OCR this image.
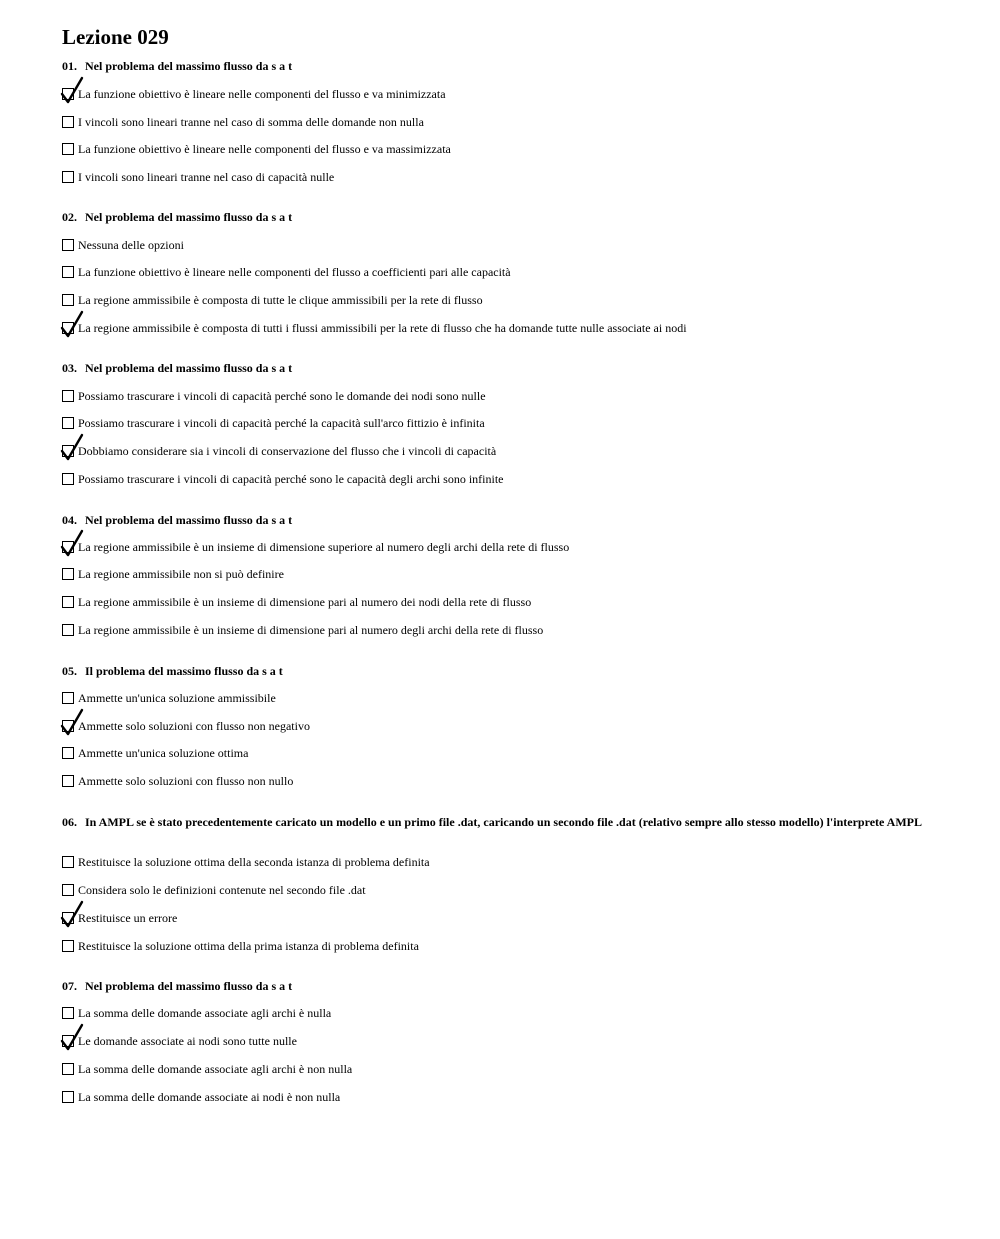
Lezione 029
01. Nel problema del massimo flusso da s a t
La funzione obiettivo è lineare nelle componenti del flusso e va minimizzata
I vincoli sono lineari tranne nel caso di somma delle domande non nulla
La funzione obiettivo è lineare nelle componenti del flusso e va massimizzata
I vincoli sono lineari tranne nel caso di capacità nulle
02. Nel problema del massimo flusso da s a t
Nessuna delle opzioni
La funzione obiettivo è lineare nelle componenti del flusso a coefficienti pari alle capacità
La regione ammissibile è composta di tutte le clique ammissibili per la rete di flusso
La regione ammissibile è composta di tutti i flussi ammissibili per la rete di flusso che ha domande tutte nulle associate ai nodi
03. Nel problema del massimo flusso da s a t
Possiamo trascurare i vincoli di capacità perché sono le domande dei nodi sono nulle
Possiamo trascurare i vincoli di capacità perché la capacità sull'arco fittizio è infinita
Dobbiamo considerare sia i vincoli di conservazione del flusso che i vincoli di capacità
Possiamo trascurare i vincoli di capacità perché sono le capacità degli archi sono infinite
04. Nel problema del massimo flusso da s a t
La regione ammissibile è un insieme di dimensione superiore al numero degli archi della rete di flusso
La regione ammissibile non si può definire
La regione ammissibile è un insieme di dimensione pari al numero dei nodi della rete di flusso
La regione ammissibile è un insieme di dimensione pari al numero degli archi della rete di flusso
05. Il problema del massimo flusso da s a t
Ammette un'unica soluzione ammissibile
Ammette solo soluzioni con flusso non negativo
Ammette un'unica soluzione ottima
Ammette solo soluzioni con flusso non nullo
06. In AMPL se è stato precedentemente caricato un modello e un primo file .dat, caricando un secondo file .dat (relativo sempre allo stesso modello) l'interprete AMPL
Restituisce la soluzione ottima della seconda istanza di problema definita
Considera solo le definizioni contenute nel secondo file .dat
Restituisce un errore
Restituisce la soluzione ottima della prima istanza di problema definita
07. Nel problema del massimo flusso da s a t
La somma delle domande associate agli archi è nulla
Le domande associate ai nodi sono tutte nulle
La somma delle domande associate agli archi è non nulla
La somma delle domande associate ai nodi è non nulla
